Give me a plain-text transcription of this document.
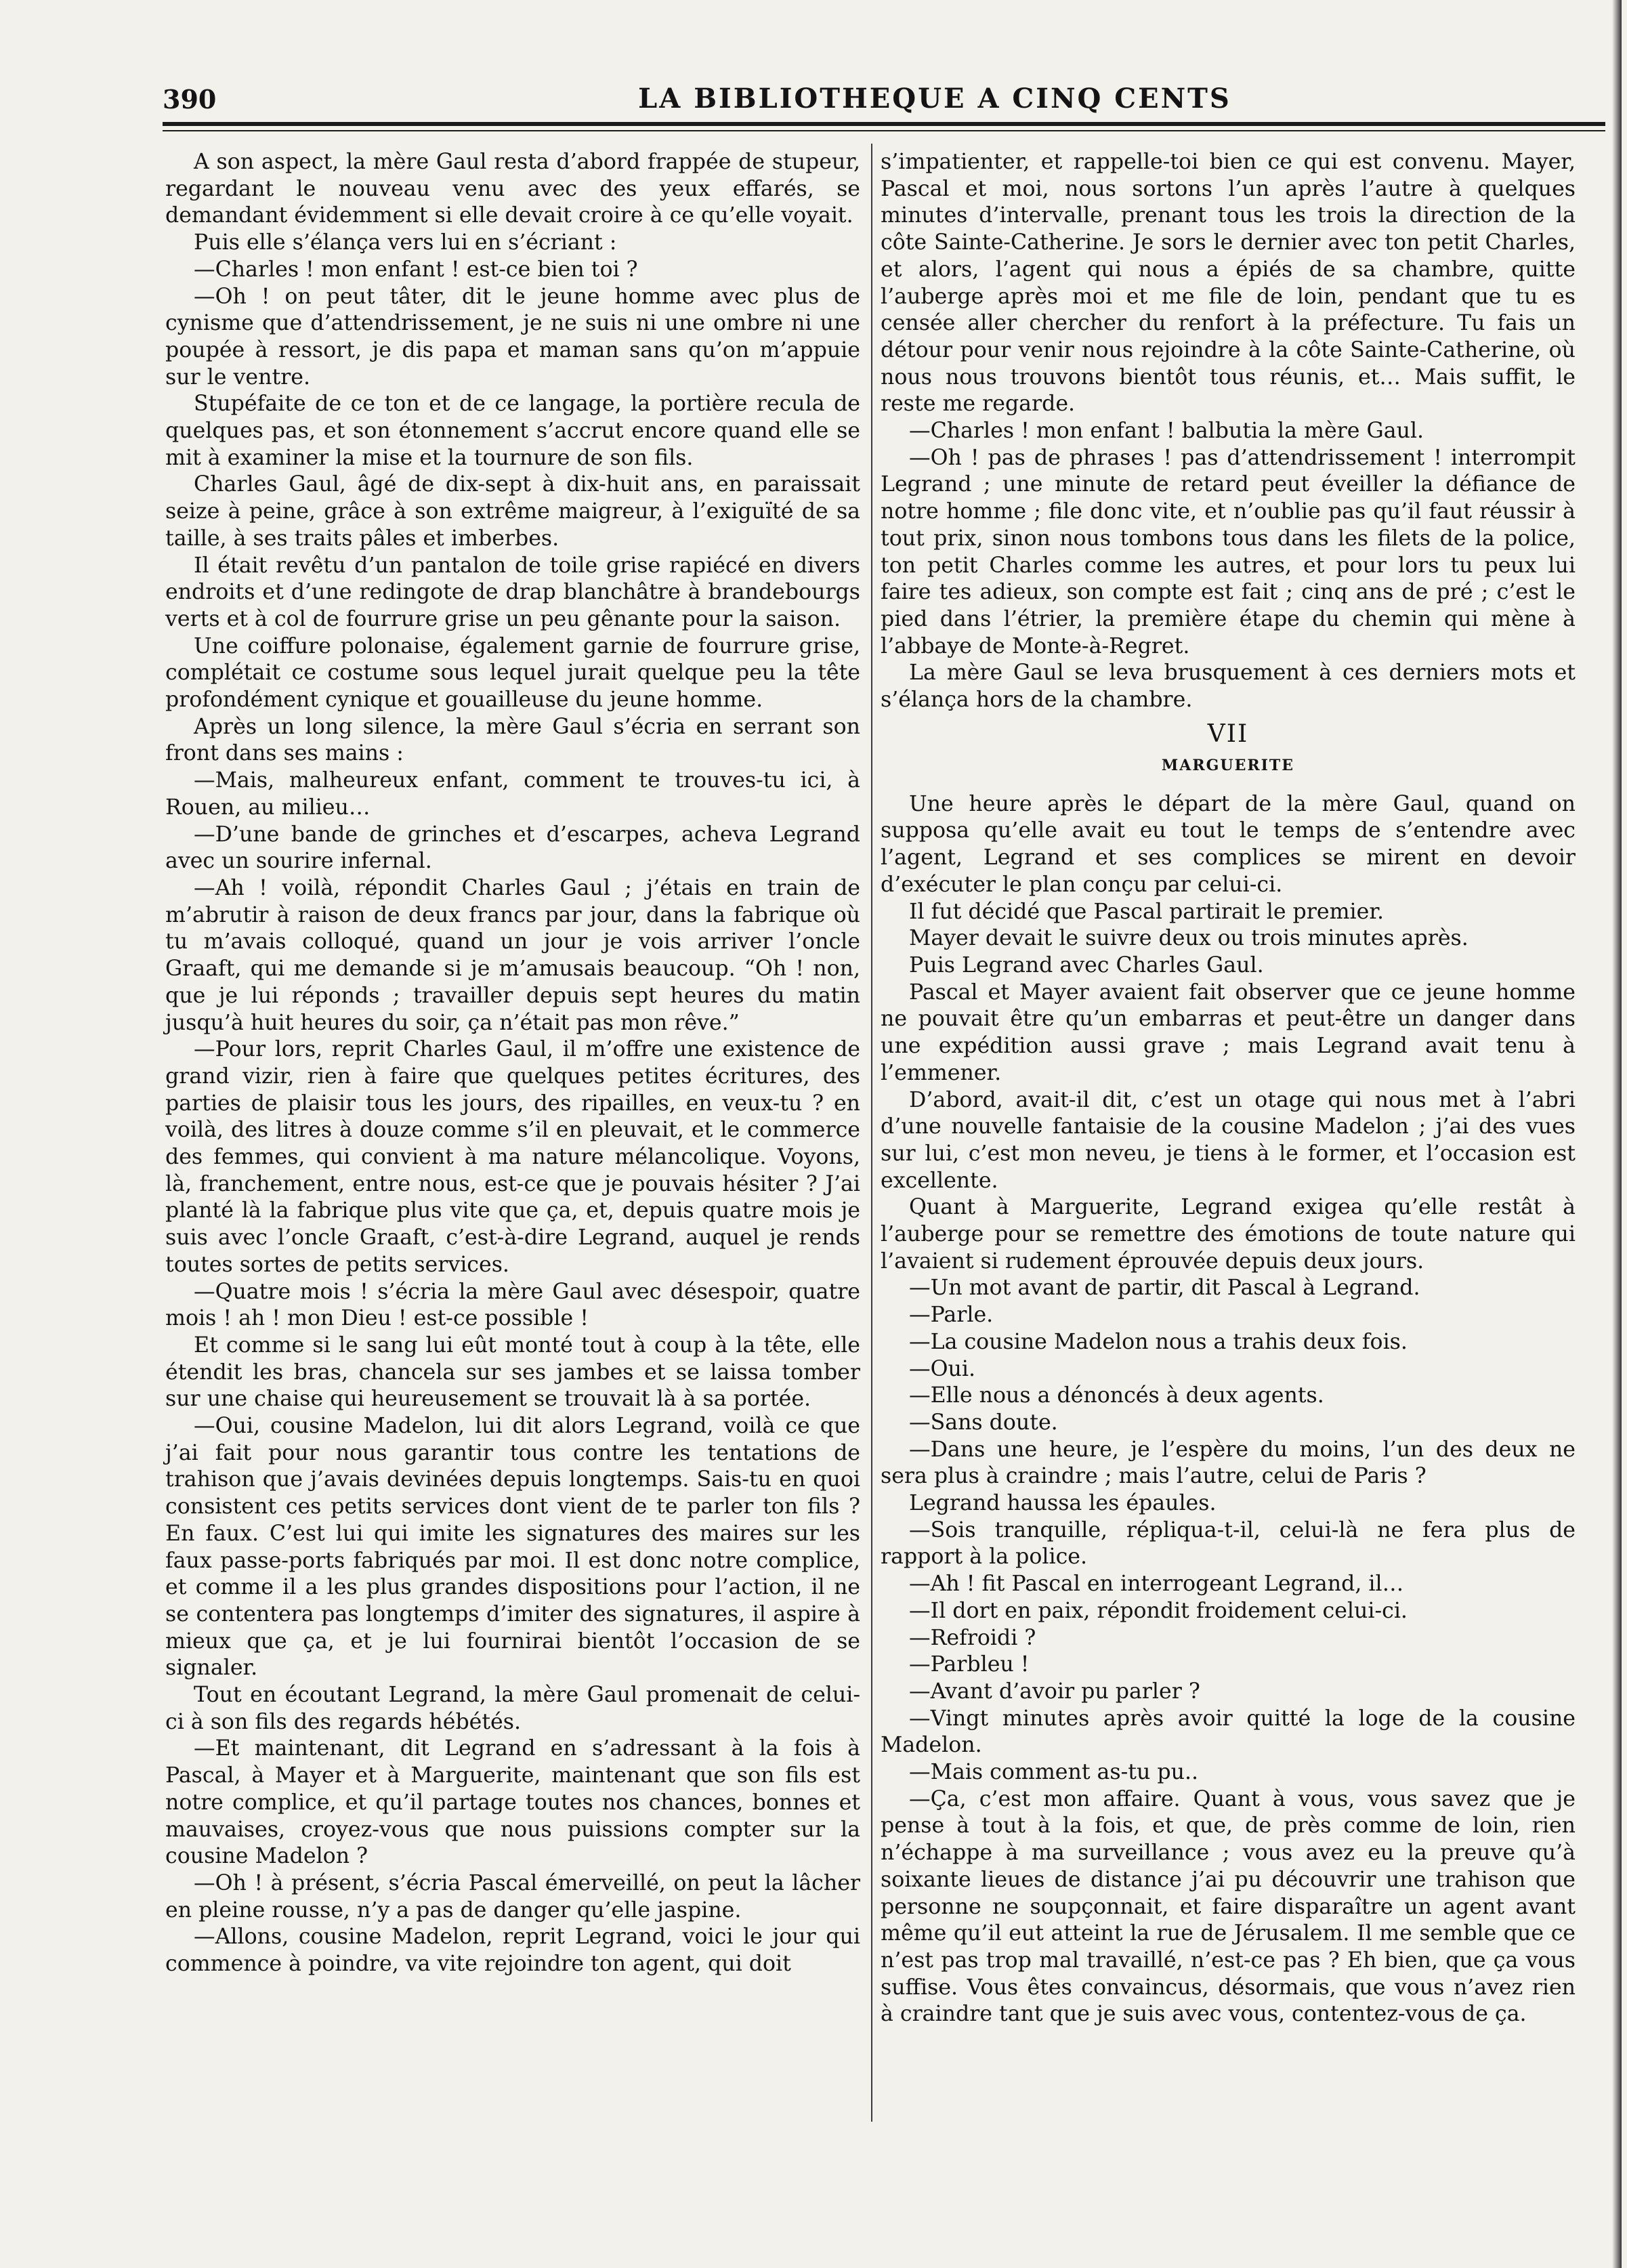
390	LA BIBLIOTHEQUE A CINQ CENTS

A son aspect, la mère Gaul resta d’abord frappée de stupeur, regardant le nouveau venu avec des yeux effarés, se demandant évidemment si elle devait croire à ce qu’elle voyait.

Puis elle s’élança vers lui en s’écriant :

—Charles ! mon enfant ! est-ce bien toi ?

—Oh ! on peut tâter, dit le jeune homme avec plus de cynisme que d’attendrissement, je ne suis ni une ombre ni une poupée à ressort, je dis papa et maman sans qu’on m’appuie sur le ventre.

Stupéfaite de ce ton et de ce langage, la portière recula de quelques pas, et son étonnement s’accrut encore quand elle se mit à examiner la mise et la tournure de son fils.

Charles Gaul, âgé de dix-sept à dix-huit ans, en paraissait seize à peine, grâce à son extrême maigreur, à l’exiguïté de sa taille, à ses traits pâles et imberbes.

Il était revêtu d’un pantalon de toile grise rapiécé en divers endroits et d’une redingote de drap blanchâtre à brandebourgs verts et à col de fourrure grise un peu gênante pour la saison.

Une coiffure polonaise, également garnie de fourrure grise, complétait ce costume sous lequel jurait quelque peu la tête profondément cynique et gouailleuse du jeune homme.

Après un long silence, la mère Gaul s’écria en serrant son front dans ses mains :

—Mais, malheureux enfant, comment te trouves-tu ici, à Rouen, au milieu…

—D’une bande de grinches et d’escarpes, acheva Legrand avec un sourire infernal.

—Ah ! voilà, répondit Charles Gaul ; j’étais en train de m’abrutir à raison de deux francs par jour, dans la fabrique où tu m’avais colloqué, quand un jour je vois arriver l’oncle Graaft, qui me demande si je m’amusais beaucoup. “Oh ! non, que je lui réponds ; travailler depuis sept heures du matin jusqu’à huit heures du soir, ça n’était pas mon rêve.”

—Pour lors, reprit Charles Gaul, il m’offre une existence de grand vizir, rien à faire que quelques petites écritures, des parties de plaisir tous les jours, des ripailles, en veux-tu ? en voilà, des litres à douze comme s’il en pleuvait, et le commerce des femmes, qui convient à ma nature mélancolique. Voyons, là, franchement, entre nous, est-ce que je pouvais hésiter ? J’ai planté là la fabrique plus vite que ça, et, depuis quatre mois je suis avec l’oncle Graaft, c’est-à-dire Legrand, auquel je rends toutes sortes de petits services.

—Quatre mois ! s’écria la mère Gaul avec désespoir, quatre mois ! ah ! mon Dieu ! est-ce possible !

Et comme si le sang lui eût monté tout à coup à la tête, elle étendit les bras, chancela sur ses jambes et se laissa tomber sur une chaise qui heureusement se trouvait là à sa portée.

—Oui, cousine Madelon, lui dit alors Legrand, voilà ce que j’ai fait pour nous garantir tous contre les tentations de trahison que j’avais devinées depuis longtemps. Sais-tu en quoi consistent ces petits services dont vient de te parler ton fils ? En faux. C’est lui qui imite les signatures des maires sur les faux passe-ports fabriqués par moi. Il est donc notre complice, et comme il a les plus grandes dispositions pour l’action, il ne se contentera pas longtemps d’imiter des signatures, il aspire à mieux que ça, et je lui fournirai bientôt l’occasion de se signaler.

Tout en écoutant Legrand, la mère Gaul promenait de celui-ci à son fils des regards hébétés.

—Et maintenant, dit Legrand en s’adressant à la fois à Pascal, à Mayer et à Marguerite, maintenant que son fils est notre complice, et qu’il partage toutes nos chances, bonnes et mauvaises, croyez-vous que nous puissions compter sur la cousine Madelon ?

—Oh ! à présent, s’écria Pascal émerveillé, on peut la lâcher en pleine rousse, n’y a pas de danger qu’elle jaspine.

—Allons, cousine Madelon, reprit Legrand, voici le jour qui commence à poindre, va vite rejoindre ton agent, qui doit

s’impatienter, et rappelle-toi bien ce qui est convenu. Mayer, Pascal et moi, nous sortons l’un après l’autre à quelques minutes d’intervalle, prenant tous les trois la direction de la côte Sainte-Catherine. Je sors le dernier avec ton petit Charles, et alors, l’agent qui nous a épiés de sa chambre, quitte l’auberge après moi et me file de loin, pendant que tu es censée aller chercher du renfort à la préfecture. Tu fais un détour pour venir nous rejoindre à la côte Sainte-Catherine, où nous nous trouvons bientôt tous réunis, et… Mais suffit, le reste me regarde.

—Charles ! mon enfant ! balbutia la mère Gaul.

—Oh ! pas de phrases ! pas d’attendrissement ! interrompit Legrand ; une minute de retard peut éveiller la défiance de notre homme ; file donc vite, et n’oublie pas qu’il faut réussir à tout prix, sinon nous tombons tous dans les filets de la police, ton petit Charles comme les autres, et pour lors tu peux lui faire tes adieux, son compte est fait ; cinq ans de pré ; c’est le pied dans l’étrier, la première étape du chemin qui mène à l’abbaye de Monte-à-Regret.

La mère Gaul se leva brusquement à ces derniers mots et s’élança hors de la chambre.

VII
MARGUERITE

Une heure après le départ de la mère Gaul, quand on supposa qu’elle avait eu tout le temps de s’entendre avec l’agent, Legrand et ses complices se mirent en devoir d’exécuter le plan conçu par celui-ci.

Il fut décidé que Pascal partirait le premier.

Mayer devait le suivre deux ou trois minutes après.

Puis Legrand avec Charles Gaul.

Pascal et Mayer avaient fait observer que ce jeune homme ne pouvait être qu’un embarras et peut-être un danger dans une expédition aussi grave ; mais Legrand avait tenu à l’emmener.

D’abord, avait-il dit, c’est un otage qui nous met à l’abri d’une nouvelle fantaisie de la cousine Madelon ; j’ai des vues sur lui, c’est mon neveu, je tiens à le former, et l’occasion est excellente.

Quant à Marguerite, Legrand exigea qu’elle restât à l’auberge pour se remettre des émotions de toute nature qui l’avaient si rudement éprouvée depuis deux jours.

—Un mot avant de partir, dit Pascal à Legrand.

—Parle.

—La cousine Madelon nous a trahis deux fois.

—Oui.

—Elle nous a dénoncés à deux agents.

—Sans doute.

—Dans une heure, je l’espère du moins, l’un des deux ne sera plus à craindre ; mais l’autre, celui de Paris ?

Legrand haussa les épaules.

—Sois tranquille, répliqua-t-il, celui-là ne fera plus de rapport à la police.

—Ah ! fit Pascal en interrogeant Legrand, il…

—Il dort en paix, répondit froidement celui-ci.

—Refroidi ?

—Parbleu !

—Avant d’avoir pu parler ?

—Vingt minutes après avoir quitté la loge de la cousine Madelon.

—Mais comment as-tu pu..

—Ça, c’est mon affaire. Quant à vous, vous savez que je pense à tout à la fois, et que, de près comme de loin, rien n’échappe à ma surveillance ; vous avez eu la preuve qu’à soixante lieues de distance j’ai pu découvrir une trahison que personne ne soupçonnait, et faire disparaître un agent avant même qu’il eut atteint la rue de Jérusalem. Il me semble que ce n’est pas trop mal travaillé, n’est-ce pas ? Eh bien, que ça vous suffise. Vous êtes convaincus, désormais, que vous n’avez rien à craindre tant que je suis avec vous, contentez-vous de ça.
